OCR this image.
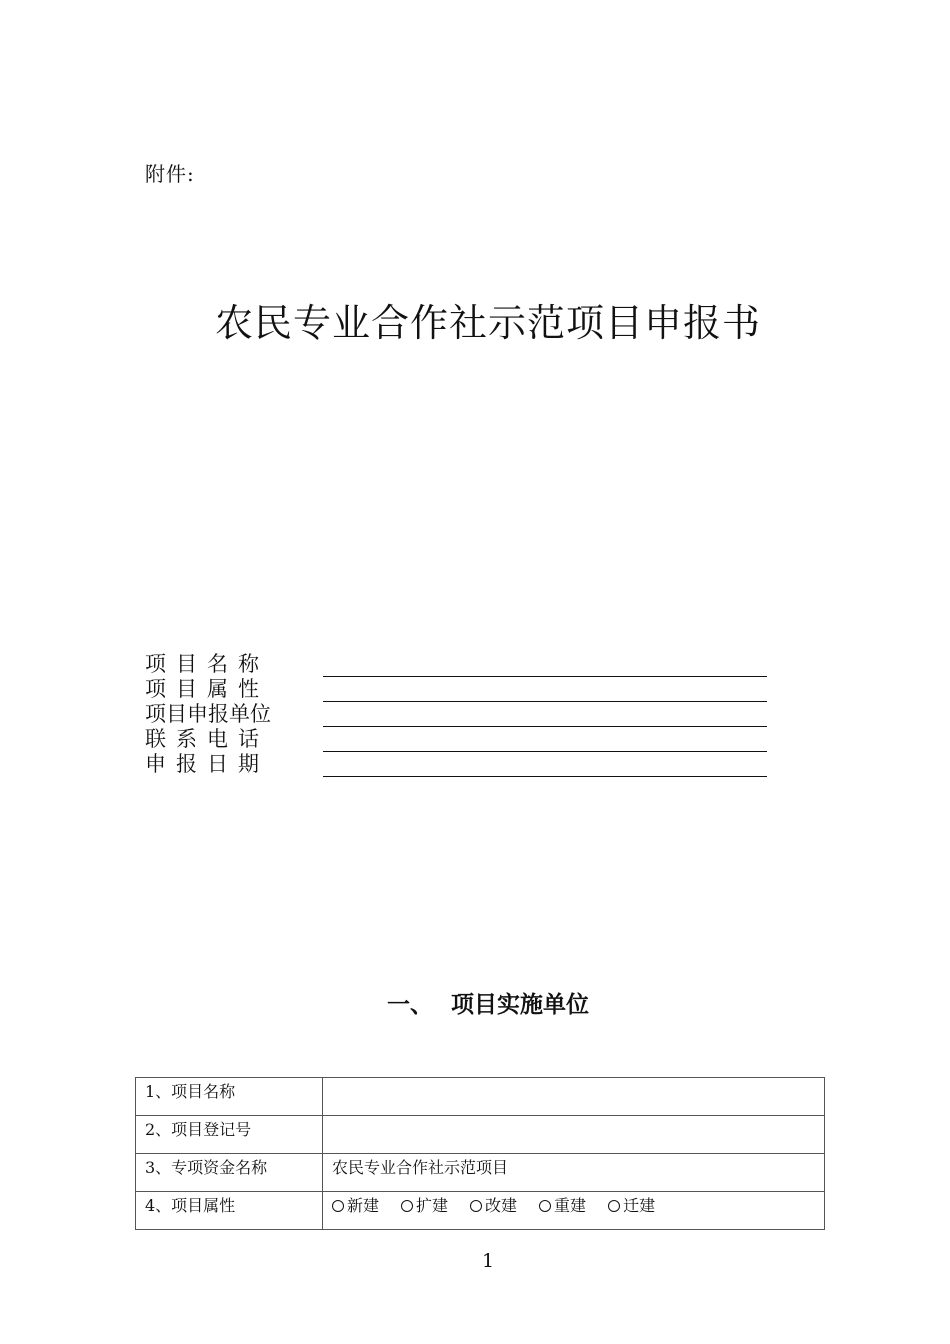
附件:
农民专业合作社示范项目申报书
项目名称
项目属性
项目申报单位
联系电话
申报日期
一、 项目实施单位
1、项目名称	
2、项目登记号	
3、专项资金名称	农民专业合作社示范项目
4、项目属性	新建 扩建 改建 重建 迁建
1
